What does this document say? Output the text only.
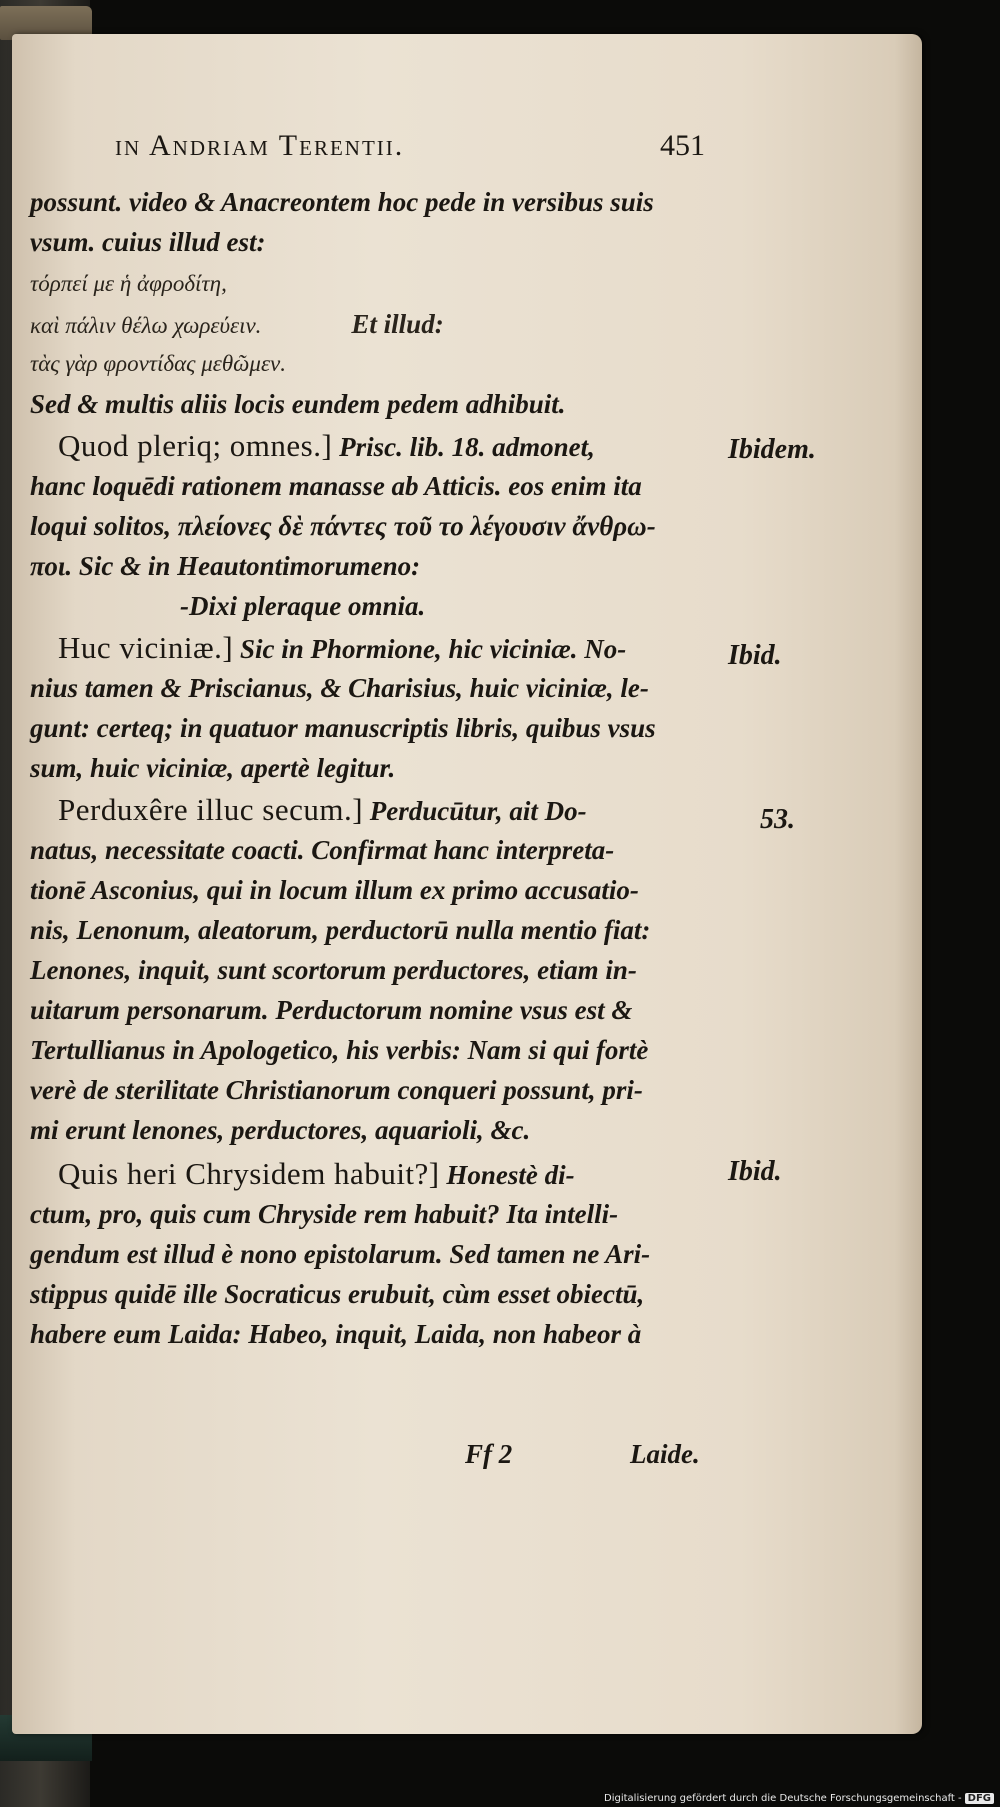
in Andriam Terentii.	451
possunt. video & Anacreontem hoc pede in versibus suis
vsum. cuius illud est:
τόρπεί με ἡ ἀφροδίτη,
καὶ πάλιν θέλω χωρεύειν.	Et illud:
τὰς γὰρ φροντίδας μεθῶμεν.
Sed & multis aliis locis eundem pedem adhibuit.
Quod pleriq; omnes.] Prisc. lib. 18. admonet,
hanc loquēdi rationem manasse ab Atticis. eos enim ita
loqui solitos, πλείονες δὲ πάντες τοῦ το λέγουσιν ἄνθρω-
ποι. Sic & in Heautontimorumeno:
-Dixi pleraque omnia.
Huc viciniæ.] Sic in Phormione, hic viciniæ. No-
nius tamen & Priscianus, & Charisius, huic viciniæ, le-
gunt: certeq; in quatuor manuscriptis libris, quibus vsus
sum, huic viciniæ, apertè legitur.
Perduxêre illuc secum.] Perducūtur, ait Do-
natus, necessitate coacti. Confirmat hanc interpreta-
tionē Asconius, qui in locum illum ex primo accusatio-
nis, Lenonum, aleatorum, perductorū nulla mentio fiat:
Lenones, inquit, sunt scortorum perductores, etiam in-
uitarum personarum. Perductorum nomine vsus est &
Tertullianus in Apologetico, his verbis: Nam si qui fortè
verè de sterilitate Christianorum conqueri possunt, pri-
mi erunt lenones, perductores, aquarioli, &c.
Quis heri Chrysidem habuit?] Honestè di-
ctum, pro, quis cum Chryside rem habuit? Ita intelli-
gendum est illud è nono epistolarum. Sed tamen ne Ari-
stippus quidē ille Socraticus erubuit, cùm esset obiectū,
habere eum Laida: Habeo, inquit, Laida, non habeor à
Ibidem.
Ibid.
53.
Ibid.
Ff 2	Laide.
Digitalisierung gefördert durch die Deutsche Forschungsgemeinschaft - DFG
